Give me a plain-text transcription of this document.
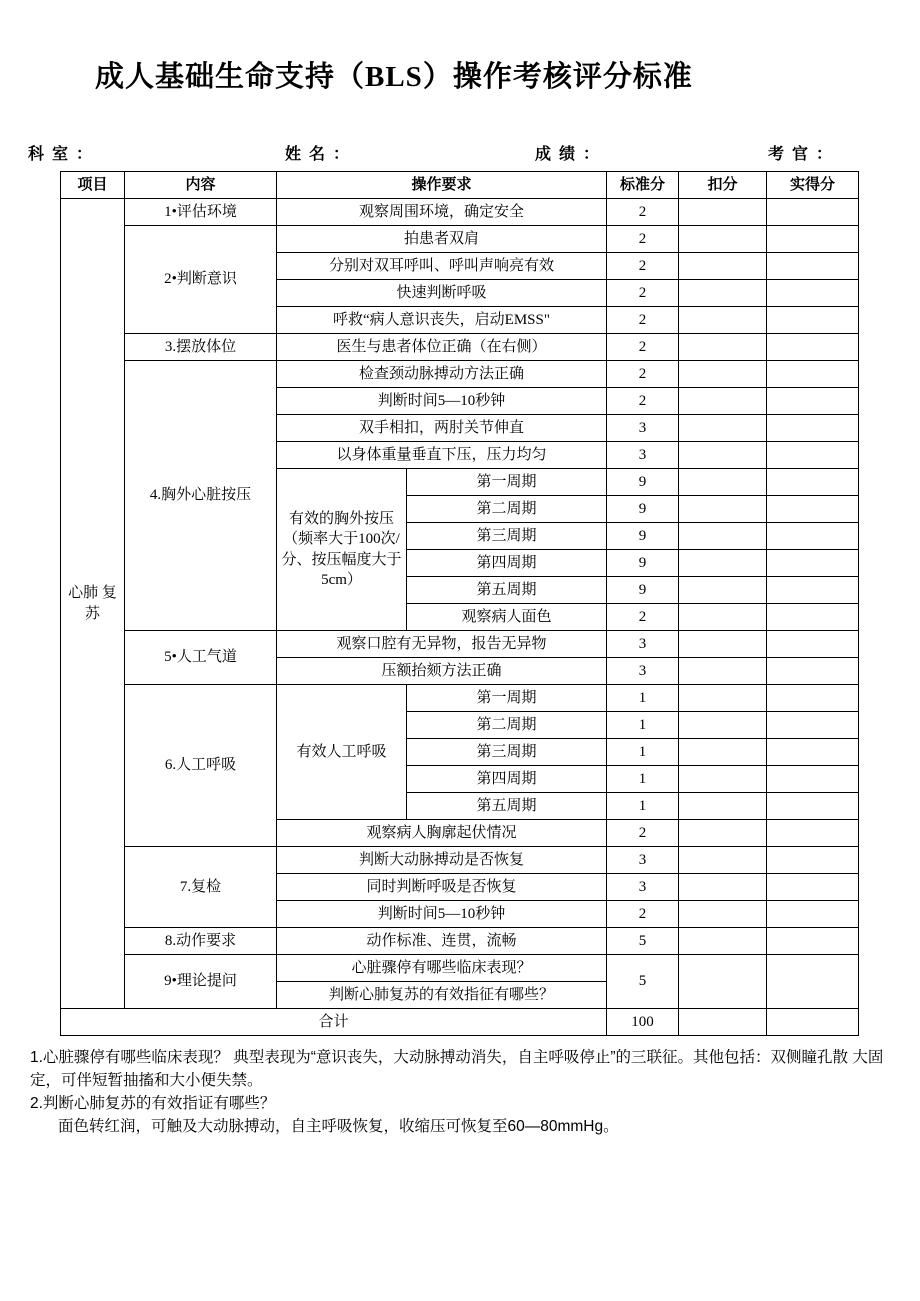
成人基础生命支持（BLS）操作考核评分标准
科  室  ：	姓  名  ：	成  绩  ：	考  官  ：
项目	内容	操作要求		标准分	扣分	实得分
心肺 复苏	1•评估环境	观察周围环境，确定安全		2		
	2•判断意识	拍患者双肩		2		
		分别对双耳呼叫、呼叫声响亮有效		2		
		快速判断呼吸		2		
		呼救“病人意识丧失，启动EMSS"		2		
	3.摆放体位	医生与患者体位正确（在右侧）		2		
	4.胸外心脏按压	检查颈动脉搏动方法正确		2		
		判断时间5—10秒钟		2		
		双手相扣，两肘关节伸直		3		
		以身体重量垂直下压，压力均匀		3		
		有效的胸外按压（频率大于100次/分、按压幅度大于5cm）	第一周期	9		
			第二周期	9		
			第三周期	9		
			第四周期	9		
			第五周期	9		
			观察病人面色	2		
	5•人工气道	观察口腔有无异物，报告无异物		3		
		压额抬颏方法正确		3		
	6.人工呼吸	有效人工呼吸	第一周期	1		
			第二周期	1		
			第三周期	1		
			第四周期	1		
			第五周期	1		
		观察病人胸廓起伏情况		2		
	7.复检	判断大动脉搏动是否恢复		3		
		同时判断呼吸是否恢复		3		
		判断时间5—10秒钟		2		
	8.动作要求	动作标准、连贯，流畅		5		
	9•理论提问	心脏骤停有哪些临床表现？		5		
		判断心肺复苏的有效指征有哪些？				
合计				100		

1.心脏骤停有哪些临床表现？ 典型表现为“意识丧失，大动脉搏动消失，自主呼吸停止”的三联征。其他包括：双侧瞳孔散 大固定，可伴短暂抽搐和大小便失禁。

2.判断心肺复苏的有效指证有哪些？

面色转红润，可触及大动脉搏动，自主呼吸恢复，收缩压可恢复至60—80mmHg。
